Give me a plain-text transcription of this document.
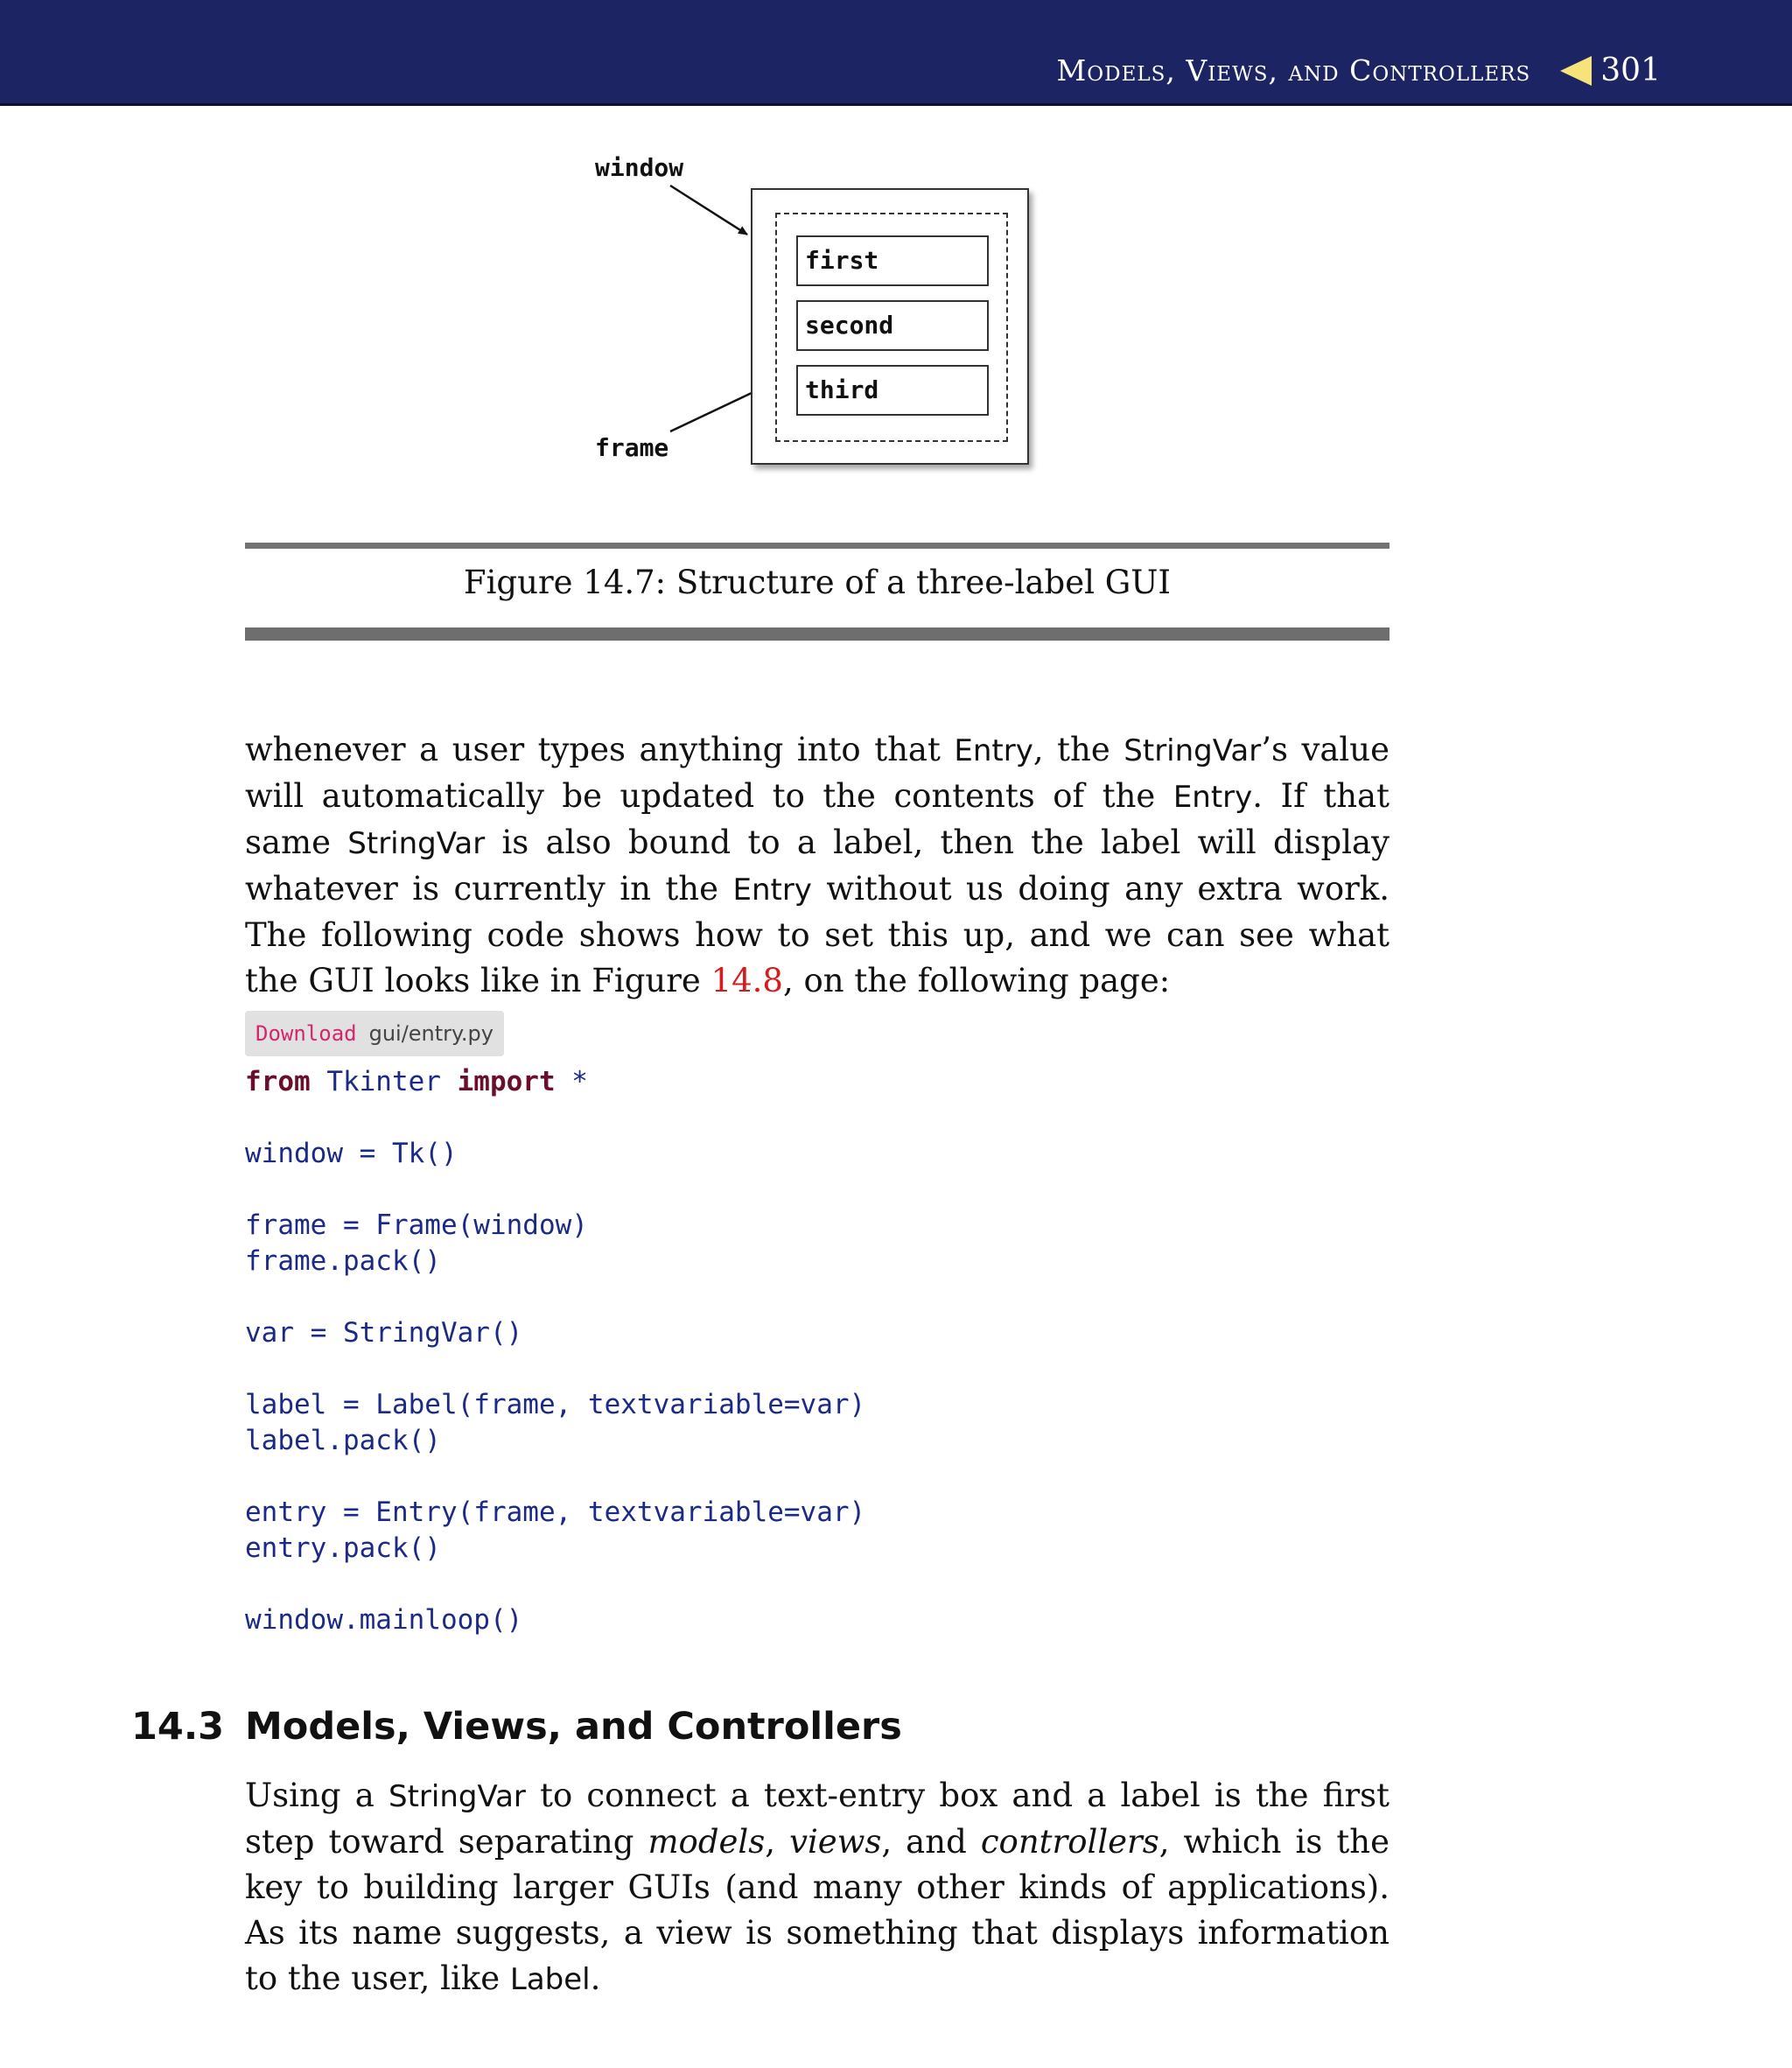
Models, Views, and Controllers 301
window
frame
first
second
third
Figure 14.7: Structure of a three-label GUI
whenever a user types anything into that Entry, the StringVar’s value will automatically be updated to the contents of the Entry. If that same StringVar is also bound to a label, then the label will display whatever is currently in the Entry without us doing any extra work. The following code shows how to set this up, and we can see what the GUI looks like in Figure 14.8, on the following page:
Download gui/entry.py
from Tkinter import *
window = Tk()
frame = Frame(window)
frame.pack()
var = StringVar()
label = Label(frame, textvariable=var)
label.pack()
entry = Entry(frame, textvariable=var)
entry.pack()
window.mainloop()
14.3 Models, Views, and Controllers
Using a StringVar to connect a text-entry box and a label is the first step toward separating models, views, and controllers, which is the key to building larger GUIs (and many other kinds of applications). As its name suggests, a view is something that displays information to the user, like Label.
